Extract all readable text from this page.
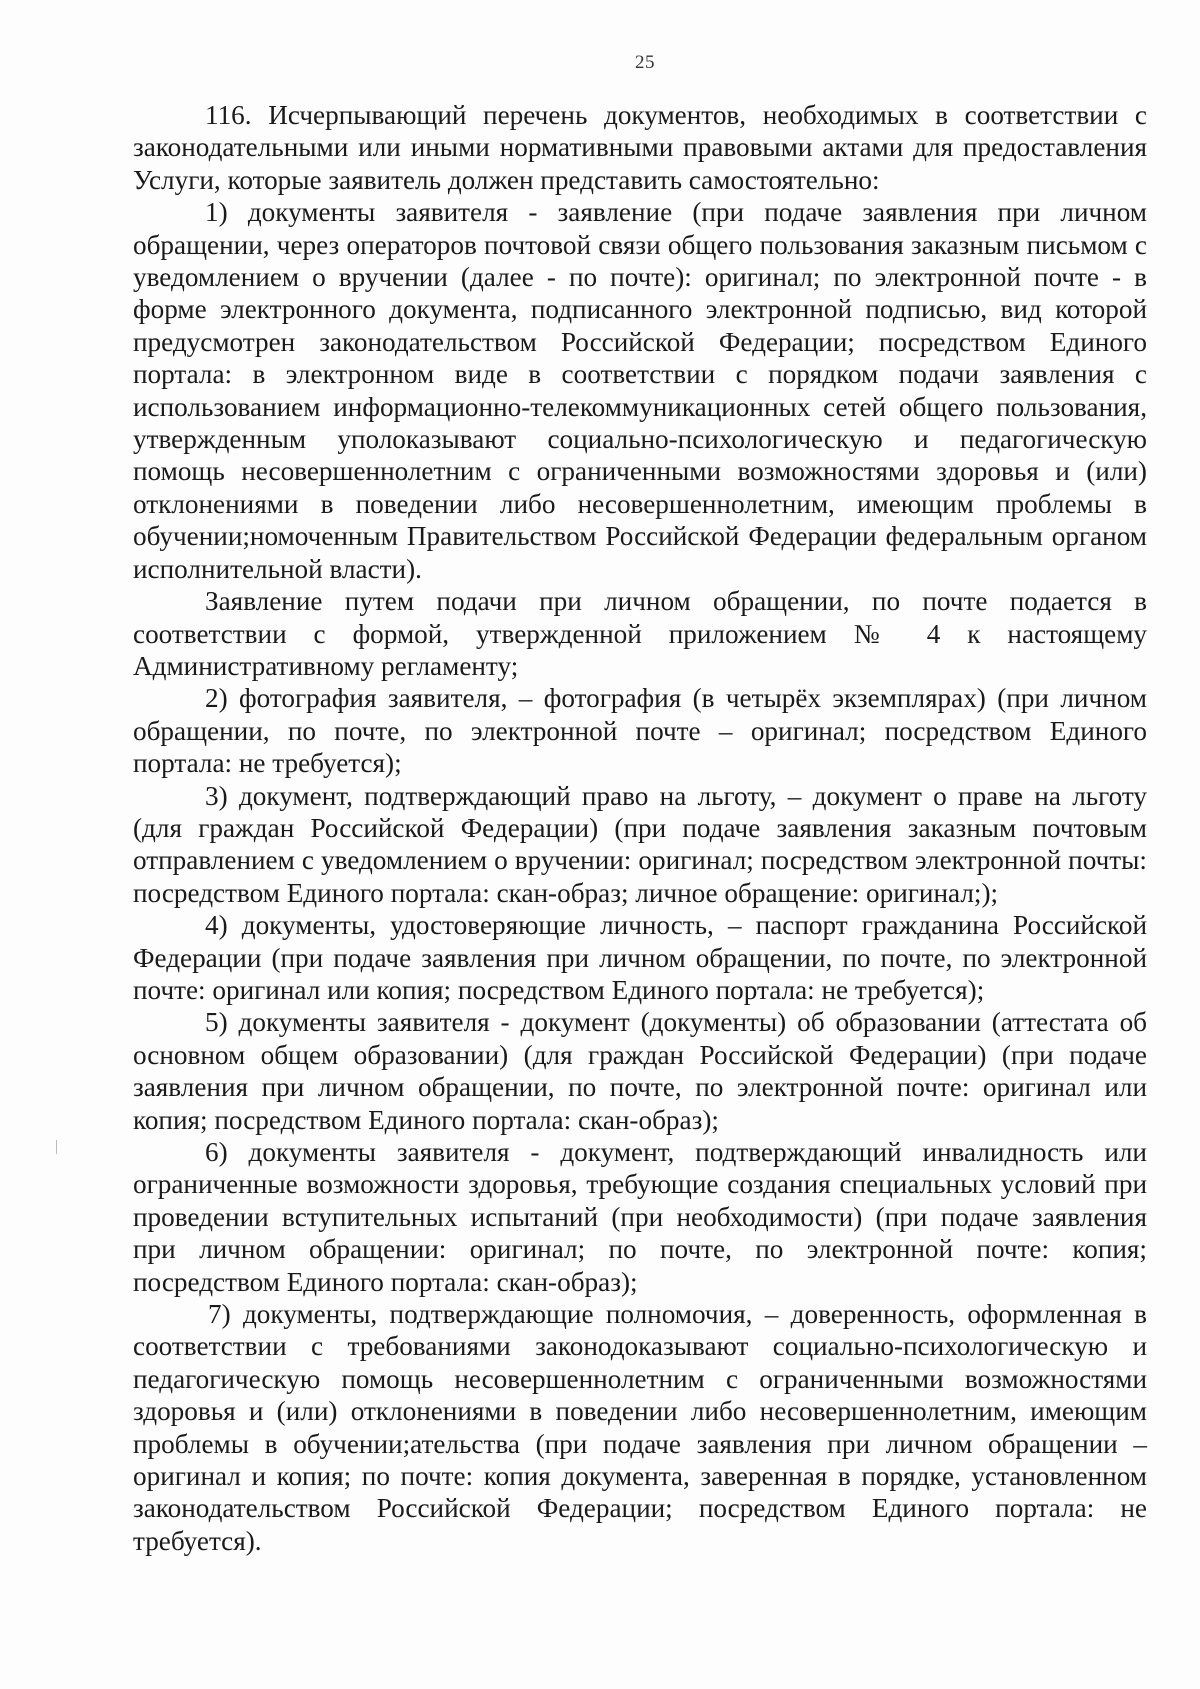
25

116. Исчерпывающий перечень документов, необходимых в соответствии с законодательными или иными нормативными правовыми актами для предоставления Услуги, которые заявитель должен представить самостоятельно:

1) документы заявителя - заявление (при подаче заявления при личном обращении, через операторов почтовой связи общего пользования заказным письмом с уведомлением о вручении (далее - по почте): оригинал; по электронной почте - в форме электронного документа, подписанного электронной подписью, вид которой предусмотрен законодательством Российской Федерации; посредством Единого портала: в электронном виде в соответствии с порядком подачи заявления с использованием информационно-телекоммуникационных сетей общего пользования, утвержденным уполоказывают социально-психологическую и педагогическую помощь несовершеннолетним с ограниченными возможностями здоровья и (или) отклонениями в поведении либо несовершеннолетним, имеющим проблемы в обучении;номоченным Правительством Российской Федерации федеральным органом исполнительной власти).

Заявление путем подачи при личном обращении, по почте подается в соответствии с формой, утвержденной приложением № 4 к настоящему Административному регламенту;

2) фотография заявителя, – фотография (в четырёх экземплярах) (при личном обращении, по почте, по электронной почте – оригинал; посредством Единого портала: не требуется);

3) документ, подтверждающий право на льготу, – документ о праве на льготу (для граждан Российской Федерации) (при подаче заявления заказным почтовым отправлением с уведомлением о вручении: оригинал; посредством электронной почты: посредством Единого портала: скан-образ; личное обращение: оригинал;);

4) документы, удостоверяющие личность, – паспорт гражданина Российской Федерации (при подаче заявления при личном обращении, по почте, по электронной почте: оригинал или копия; посредством Единого портала: не требуется);

5) документы заявителя - документ (документы) об образовании (аттестата об основном общем образовании) (для граждан Российской Федерации) (при подаче заявления при личном обращении, по почте, по электронной почте: оригинал или копия; посредством Единого портала: скан-образ);

6) документы заявителя - документ, подтверждающий инвалидность или ограниченные возможности здоровья, требующие создания специальных условий при проведении вступительных испытаний (при необходимости) (при подаче заявления при личном обращении: оригинал; по почте, по электронной почте: копия; посредством Единого портала: скан-образ);

7) документы, подтверждающие полномочия, – доверенность, оформленная в соответствии с требованиями законодоказывают социально-психологическую и педагогическую помощь несовершеннолетним с ограниченными возможностями здоровья и (или) отклонениями в поведении либо несовершеннолетним, имеющим проблемы в обучении;ательства (при подаче заявления при личном обращении – оригинал и копия; по почте: копия документа, заверенная в порядке, установленном законодательством Российской Федерации; посредством Единого портала: не требуется).
